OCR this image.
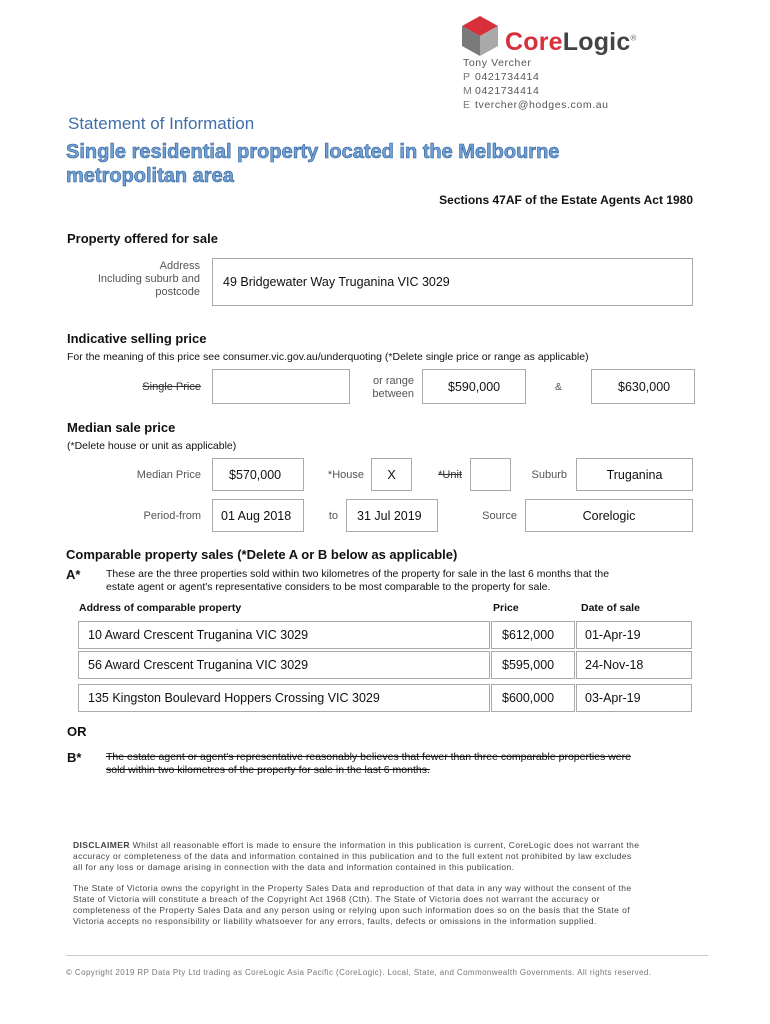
CoreLogic®
Tony Vercher
P 0421734414
M 0421734414
E tvercher@hodges.com.au
Statement of Information
Single residential property located in the Melbourne
metropolitan area
Sections 47AF of the Estate Agents Act 1980
Property offered for sale
Address
Including suburb and
postcode
49 Bridgewater Way Truganina VIC 3029
Indicative selling price
For the meaning of this price see consumer.vic.gov.au/underquoting (*Delete single price or range as applicable)
Single Price	or range
between
$590,000	&	$630,000
Median sale price
(*Delete house or unit as applicable)
Median Price $570,000	*House X	*Unit	Suburb	Truganina
Period-from 01 Aug 2018	to 31 Jul 2019	Source	Corelogic
Comparable property sales (*Delete A or B below as applicable)
A* These are the three properties sold within two kilometres of the property for sale in the last 6 months that the
estate agent or agent's representative considers to be most comparable to the property for sale.
Address of comparable property	Price	Date of sale
10 Award Crescent Truganina VIC 3029	$612,000 01-Apr-19
56 Award Crescent Truganina VIC 3029	$595,000 24-Nov-18
135 Kingston Boulevard Hoppers Crossing VIC 3029	$600,000 03-Apr-19
OR
B* The estate agent or agent's representative reasonably believes that fewer than three comparable properties were
sold within two kilometres of the property for sale in the last 6 months.
DISCLAIMER Whilst all reasonable effort is made to ensure the information in this publication is current, CoreLogic does not warrant the
accuracy or completeness of the data and information contained in this publication and to the full extent not prohibited by law excludes
all for any loss or damage arising in connection with the data and information contained in this publication.
The State of Victoria owns the copyright in the Property Sales Data and reproduction of that data in any way without the consent of the
State of Victoria will constitute a breach of the Copyright Act 1968 (Cth). The State of Victoria does not warrant the accuracy or
completeness of the Property Sales Data and any person using or relying upon such information does so on the basis that the State of
Victoria accepts no responsibility or liability whatsoever for any errors, faults, defects or omissions in the information supplied.
© Copyright 2019 RP Data Pty Ltd trading as CoreLogic Asia Pacific (CoreLogic). Local, State, and Commonwealth Governments. All rights reserved.
